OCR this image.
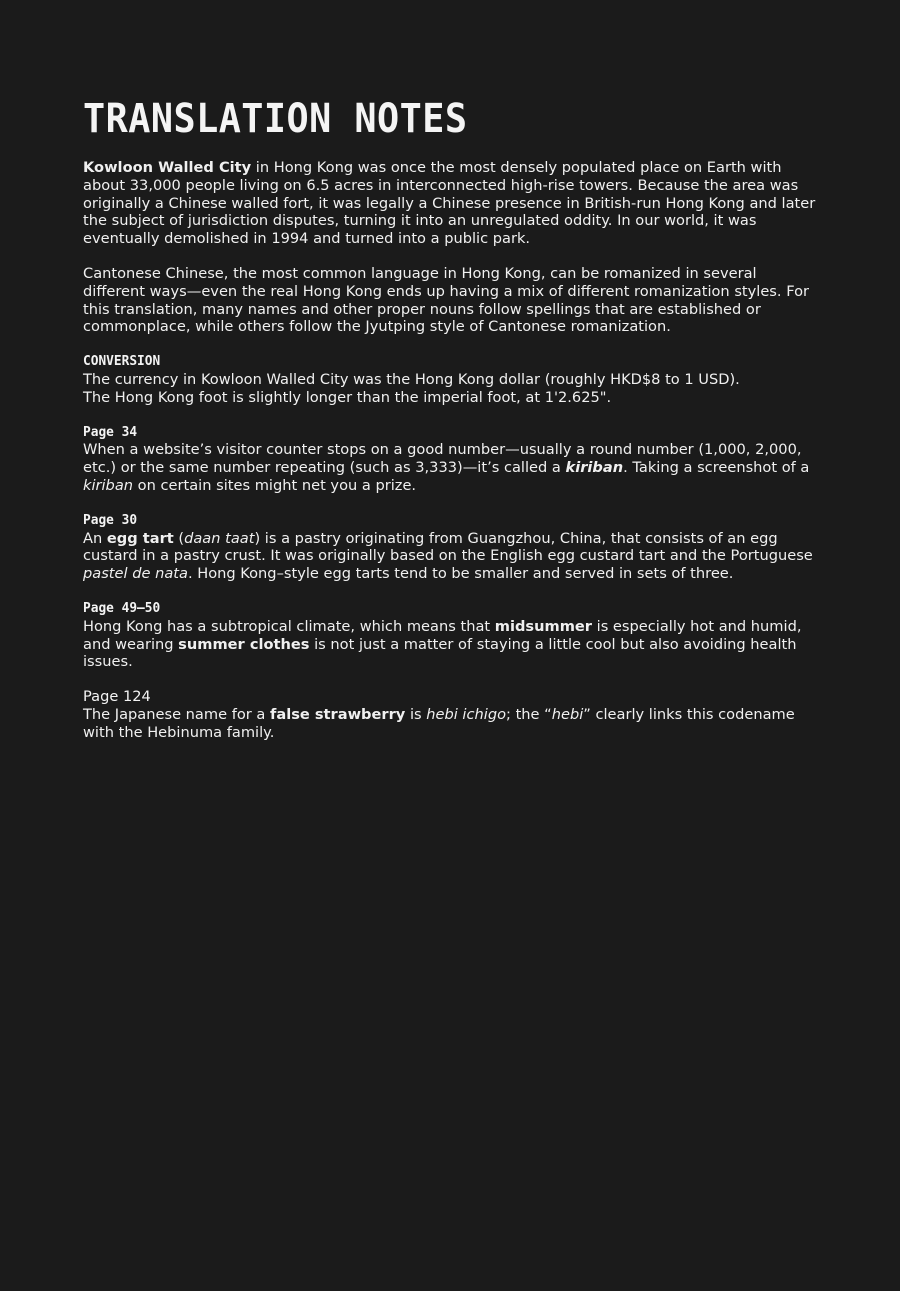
TRANSLATION NOTES

Kowloon Walled City in Hong Kong was once the most densely populated place on Earth with about 33,000 people living on 6.5 acres in interconnected high-rise towers. Because the area was originally a Chinese walled fort, it was legally a Chinese presence in British-run Hong Kong and later the subject of jurisdiction disputes, turning it into an unregulated oddity. In our world, it was eventually demolished in 1994 and turned into a public park.

Cantonese Chinese, the most common language in Hong Kong, can be romanized in several different ways—even the real Hong Kong ends up having a mix of different romanization styles. For this translation, many names and other proper nouns follow spellings that are established or commonplace, while others follow the Jyutping style of Cantonese romanization.

CONVERSION

The currency in Kowloon Walled City was the Hong Kong dollar (roughly HKD$8 to 1 USD).

The Hong Kong foot is slightly longer than the imperial foot, at 1'2.625".

Page 34

When a website’s visitor counter stops on a good number—usually a round number (1,000, 2,000, etc.) or the same number repeating (such as 3,333)—it’s called a kiriban. Taking a screenshot of a kiriban on certain sites might net you a prize.

Page 30

An egg tart (daan taat) is a pastry originating from Guangzhou, China, that consists of an egg custard in a pastry crust. It was originally based on the English egg custard tart and the Portuguese pastel de nata. Hong Kong–style egg tarts tend to be smaller and served in sets of three.

Page 49–50

Hong Kong has a subtropical climate, which means that midsummer is especially hot and humid, and wearing summer clothes is not just a matter of staying a little cool but also avoiding health issues.

Page 124

The Japanese name for a false strawberry is hebi ichigo; the “hebi” clearly links this codename with the Hebinuma family.
